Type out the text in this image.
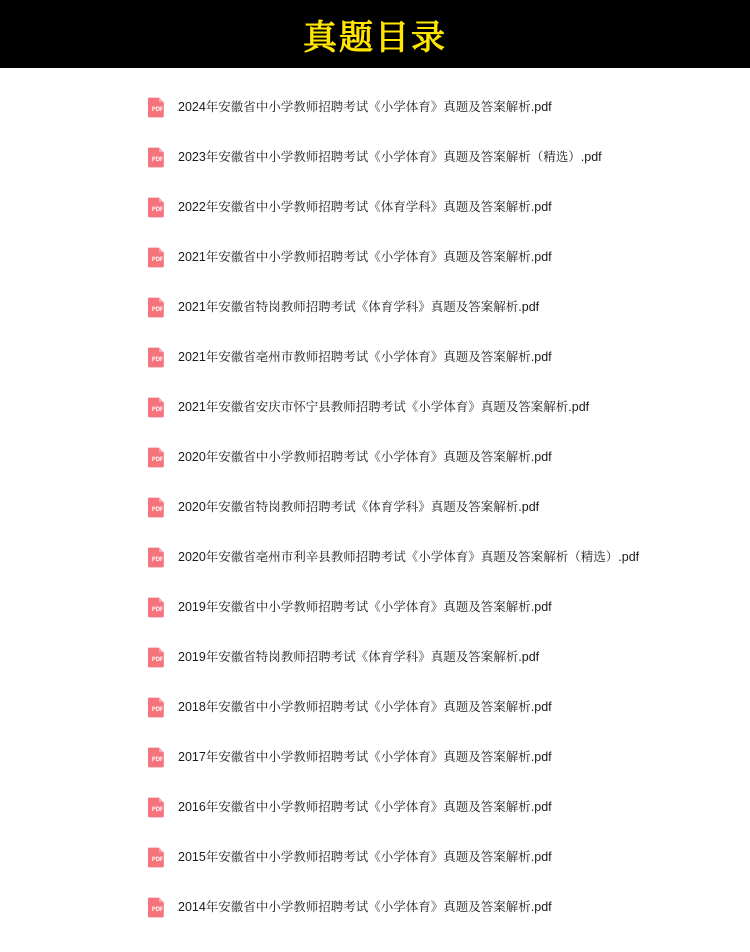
真题目录
2024年安徽省中小学教师招聘考试《小学体育》真题及答案解析.pdf
2023年安徽省中小学教师招聘考试《小学体育》真题及答案解析（精选）.pdf
2022年安徽省中小学教师招聘考试《体育学科》真题及答案解析.pdf
2021年安徽省中小学教师招聘考试《小学体育》真题及答案解析.pdf
2021年安徽省特岗教师招聘考试《体育学科》真题及答案解析.pdf
2021年安徽省亳州市教师招聘考试《小学体育》真题及答案解析.pdf
2021年安徽省安庆市怀宁县教师招聘考试《小学体育》真题及答案解析.pdf
2020年安徽省中小学教师招聘考试《小学体育》真题及答案解析.pdf
2020年安徽省特岗教师招聘考试《体育学科》真题及答案解析.pdf
2020年安徽省亳州市利辛县教师招聘考试《小学体育》真题及答案解析（精选）.pdf
2019年安徽省中小学教师招聘考试《小学体育》真题及答案解析.pdf
2019年安徽省特岗教师招聘考试《体育学科》真题及答案解析.pdf
2018年安徽省中小学教师招聘考试《小学体育》真题及答案解析.pdf
2017年安徽省中小学教师招聘考试《小学体育》真题及答案解析.pdf
2016年安徽省中小学教师招聘考试《小学体育》真题及答案解析.pdf
2015年安徽省中小学教师招聘考试《小学体育》真题及答案解析.pdf
2014年安徽省中小学教师招聘考试《小学体育》真题及答案解析.pdf
